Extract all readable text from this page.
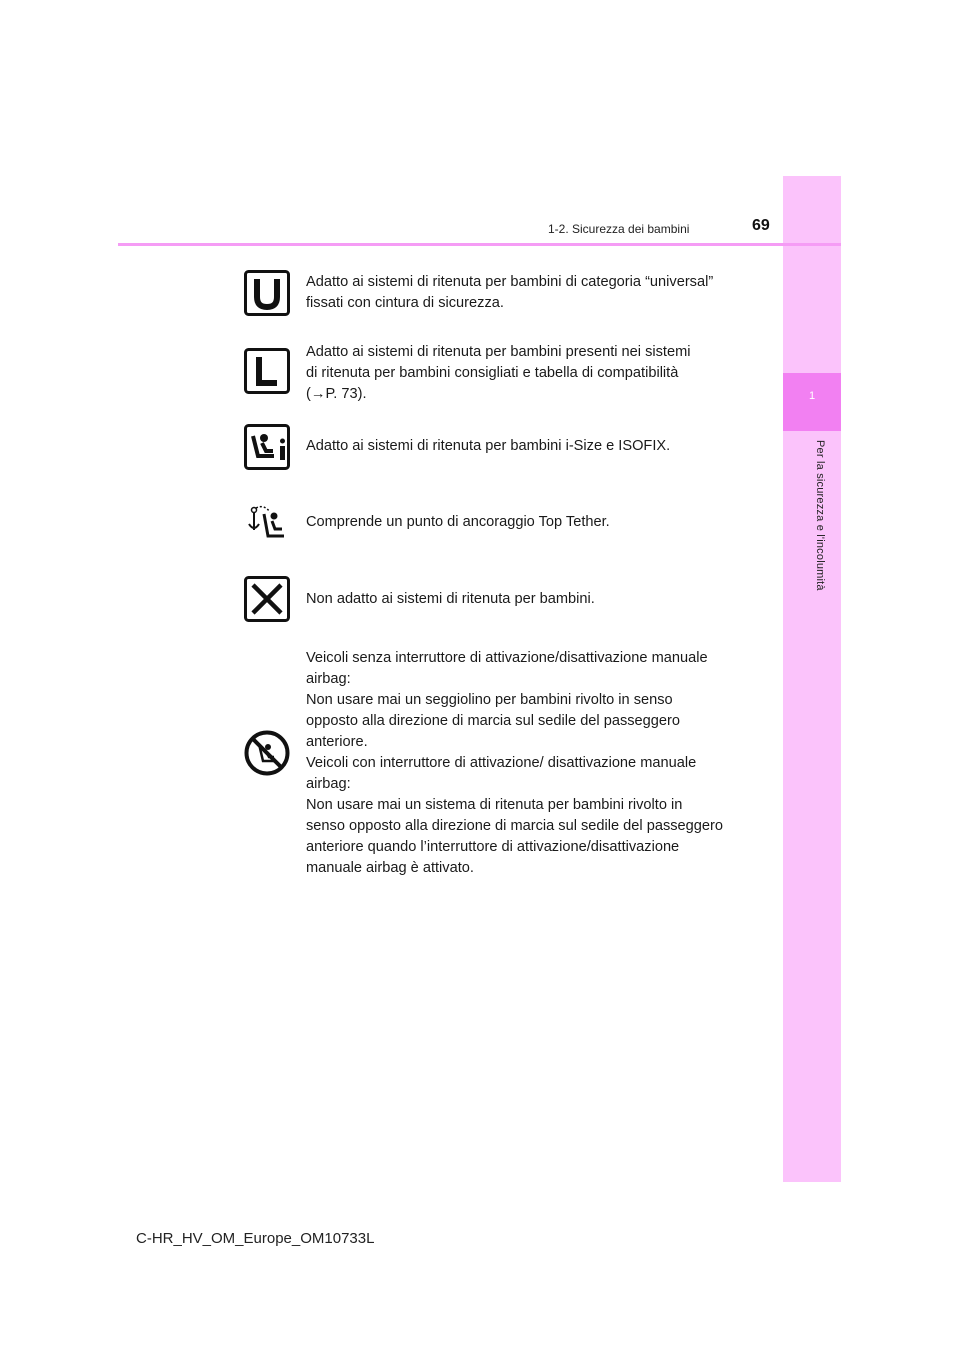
1
Per la sicurezza e l'incolumità
1-2. Sicurezza dei bambini	69
Adatto ai sistemi di ritenuta per bambini di categoria “universal”
fissati con cintura di sicurezza.
Adatto ai sistemi di ritenuta per bambini presenti nei sistemi
di ritenuta per bambini consigliati e tabella di compatibilità
(→P. 73).
Adatto ai sistemi di ritenuta per bambini i-Size e ISOFIX.
Comprende un punto di ancoraggio Top Tether.
Non adatto ai sistemi di ritenuta per bambini.
Veicoli senza interruttore di attivazione/disattivazione manuale
airbag:
Non usare mai un seggiolino per bambini rivolto in senso
opposto alla direzione di marcia sul sedile del passeggero
anteriore.
Veicoli con interruttore di attivazione/ disattivazione manuale
airbag:
Non usare mai un sistema di ritenuta per bambini rivolto in
senso opposto alla direzione di marcia sul sedile del passeggero
anteriore quando l’interruttore di attivazione/disattivazione
manuale airbag è attivato.
C-HR_HV_OM_Europe_OM10733L
